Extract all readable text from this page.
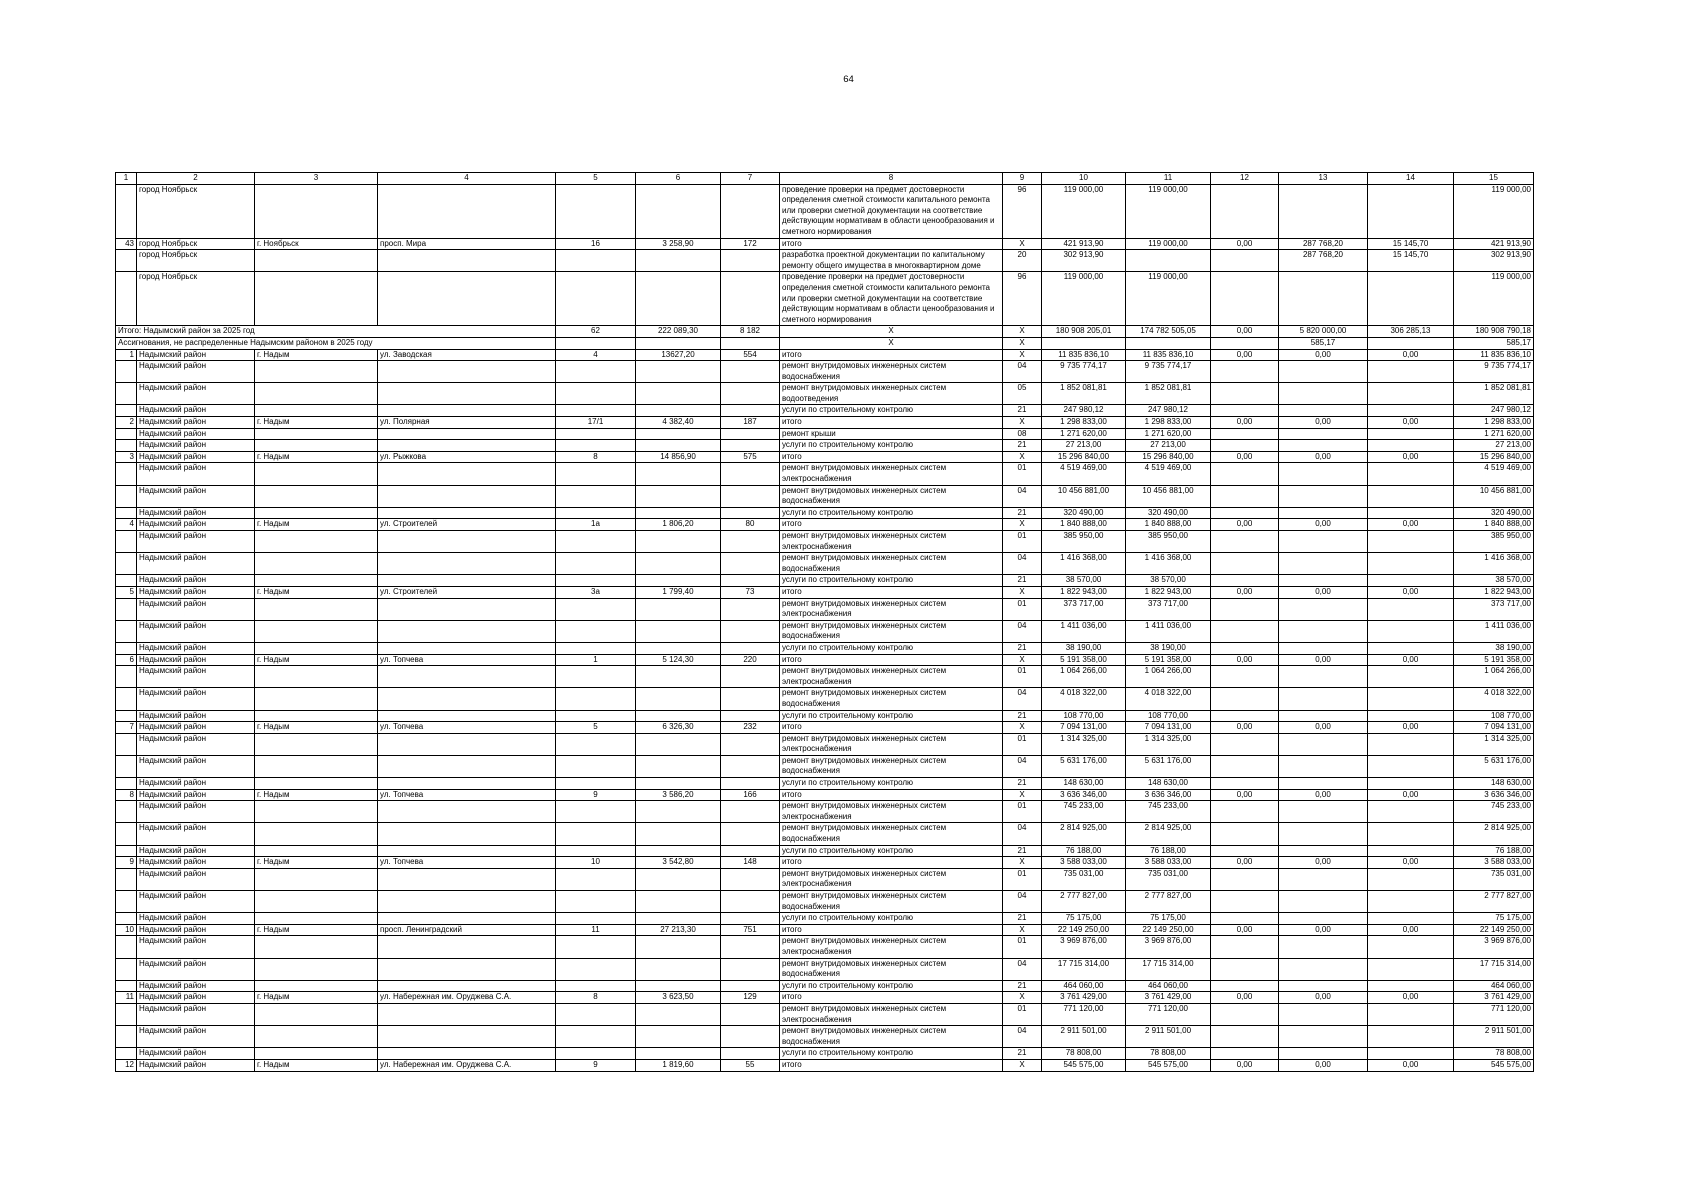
64
1	2	3	4	5	6	7	8	9	10	11	12	13	14	15
	город Ноябрьск						проведение проверки на предмет достоверности определения сметной стоимости капитального ремонта или проверки сметной документации на соответствие действующим нормативам в области ценообразования и сметного нормирования	96	119 000,00	119 000,00				119 000,00
43	город Ноябрьск	г. Ноябрьск	просп. Мира	16	3 258,90	172	итого	X	421 913,90	119 000,00	0,00	287 768,20	15 145,70	421 913,90
	город Ноябрьск						разработка проектной документации по капитальному ремонту общего имущества в многоквартирном доме	20	302 913,90			287 768,20	15 145,70	302 913,90
	город Ноябрьск						проведение проверки на предмет достоверности определения сметной стоимости капитального ремонта или проверки сметной документации на соответствие действующим нормативам в области ценообразования и сметного нормирования	96	119 000,00	119 000,00				119 000,00
Итого: Надымский район за 2025 год				62	222 089,30	8 182	X	X	180 908 205,01	174 782 505,05	0,00	5 820 000,00	306 285,13	180 908 790,18
Ассигнования, не распределенные Надымским районом в 2025 году							X	X				585,17		585,17
1	Надымский район	г. Надым	ул. Заводская	4	13627,20	554	итого	X	11 835 836,10	11 835 836,10	0,00	0,00	0,00	11 835 836,10
	Надымский район						ремонт внутридомовых инженерных систем водоснабжения	04	9 735 774,17	9 735 774,17				9 735 774,17
	Надымский район						ремонт внутридомовых инженерных систем водоотведения	05	1 852 081,81	1 852 081,81				1 852 081,81
	Надымский район						услуги по строительному контролю	21	247 980,12	247 980,12				247 980,12
2	Надымский район	г. Надым	ул. Полярная	17/1	4 382,40	187	итого	X	1 298 833,00	1 298 833,00	0,00	0,00	0,00	1 298 833,00
	Надымский район						ремонт крыши	08	1 271 620,00	1 271 620,00				1 271 620,00
	Надымский район						услуги по строительному контролю	21	27 213,00	27 213,00				27 213,00
3	Надымский район	г. Надым	ул. Рыжкова	8	14 856,90	575	итого	X	15 296 840,00	15 296 840,00	0,00	0,00	0,00	15 296 840,00
	Надымский район						ремонт внутридомовых инженерных систем электроснабжения	01	4 519 469,00	4 519 469,00				4 519 469,00
	Надымский район						ремонт внутридомовых инженерных систем водоснабжения	04	10 456 881,00	10 456 881,00				10 456 881,00
	Надымский район						услуги по строительному контролю	21	320 490,00	320 490,00				320 490,00
4	Надымский район	г. Надым	ул. Строителей	1а	1 806,20	80	итого	X	1 840 888,00	1 840 888,00	0,00	0,00	0,00	1 840 888,00
	Надымский район						ремонт внутридомовых инженерных систем электроснабжения	01	385 950,00	385 950,00				385 950,00
	Надымский район						ремонт внутридомовых инженерных систем водоснабжения	04	1 416 368,00	1 416 368,00				1 416 368,00
	Надымский район						услуги по строительному контролю	21	38 570,00	38 570,00				38 570,00
5	Надымский район	г. Надым	ул. Строителей	3а	1 799,40	73	итого	X	1 822 943,00	1 822 943,00	0,00	0,00	0,00	1 822 943,00
	Надымский район						ремонт внутридомовых инженерных систем электроснабжения	01	373 717,00	373 717,00				373 717,00
	Надымский район						ремонт внутридомовых инженерных систем водоснабжения	04	1 411 036,00	1 411 036,00				1 411 036,00
	Надымский район						услуги по строительному контролю	21	38 190,00	38 190,00				38 190,00
6	Надымский район	г. Надым	ул. Топчева	1	5 124,30	220	итого	X	5 191 358,00	5 191 358,00	0,00	0,00	0,00	5 191 358,00
	Надымский район						ремонт внутридомовых инженерных систем электроснабжения	01	1 064 266,00	1 064 266,00				1 064 266,00
	Надымский район						ремонт внутридомовых инженерных систем водоснабжения	04	4 018 322,00	4 018 322,00				4 018 322,00
	Надымский район						услуги по строительному контролю	21	108 770,00	108 770,00				108 770,00
7	Надымский район	г. Надым	ул. Топчева	5	6 326,30	232	итого	X	7 094 131,00	7 094 131,00	0,00	0,00	0,00	7 094 131,00
	Надымский район						ремонт внутридомовых инженерных систем электроснабжения	01	1 314 325,00	1 314 325,00				1 314 325,00
	Надымский район						ремонт внутридомовых инженерных систем водоснабжения	04	5 631 176,00	5 631 176,00				5 631 176,00
	Надымский район						услуги по строительному контролю	21	148 630,00	148 630,00				148 630,00
8	Надымский район	г. Надым	ул. Топчева	9	3 586,20	166	итого	X	3 636 346,00	3 636 346,00	0,00	0,00	0,00	3 636 346,00
	Надымский район						ремонт внутридомовых инженерных систем электроснабжения	01	745 233,00	745 233,00				745 233,00
	Надымский район						ремонт внутридомовых инженерных систем водоснабжения	04	2 814 925,00	2 814 925,00				2 814 925,00
	Надымский район						услуги по строительному контролю	21	76 188,00	76 188,00				76 188,00
9	Надымский район	г. Надым	ул. Топчева	10	3 542,80	148	итого	X	3 588 033,00	3 588 033,00	0,00	0,00	0,00	3 588 033,00
	Надымский район						ремонт внутридомовых инженерных систем электроснабжения	01	735 031,00	735 031,00				735 031,00
	Надымский район						ремонт внутридомовых инженерных систем водоснабжения	04	2 777 827,00	2 777 827,00				2 777 827,00
	Надымский район						услуги по строительному контролю	21	75 175,00	75 175,00				75 175,00
10	Надымский район	г. Надым	просп. Ленинградский	11	27 213,30	751	итого	X	22 149 250,00	22 149 250,00	0,00	0,00	0,00	22 149 250,00
	Надымский район						ремонт внутридомовых инженерных систем электроснабжения	01	3 969 876,00	3 969 876,00				3 969 876,00
	Надымский район						ремонт внутридомовых инженерных систем водоснабжения	04	17 715 314,00	17 715 314,00				17 715 314,00
	Надымский район						услуги по строительному контролю	21	464 060,00	464 060,00				464 060,00
11	Надымский район	г. Надым	ул. Набережная им. Оруджева С.А.	8	3 623,50	129	итого	X	3 761 429,00	3 761 429,00	0,00	0,00	0,00	3 761 429,00
	Надымский район						ремонт внутридомовых инженерных систем электроснабжения	01	771 120,00	771 120,00				771 120,00
	Надымский район						ремонт внутридомовых инженерных систем водоснабжения	04	2 911 501,00	2 911 501,00				2 911 501,00
	Надымский район						услуги по строительному контролю	21	78 808,00	78 808,00				78 808,00
12	Надымский район	г. Надым	ул. Набережная им. Оруджева С.А.	9	1 819,60	55	итого	X	545 575,00	545 575,00	0,00	0,00	0,00	545 575,00
